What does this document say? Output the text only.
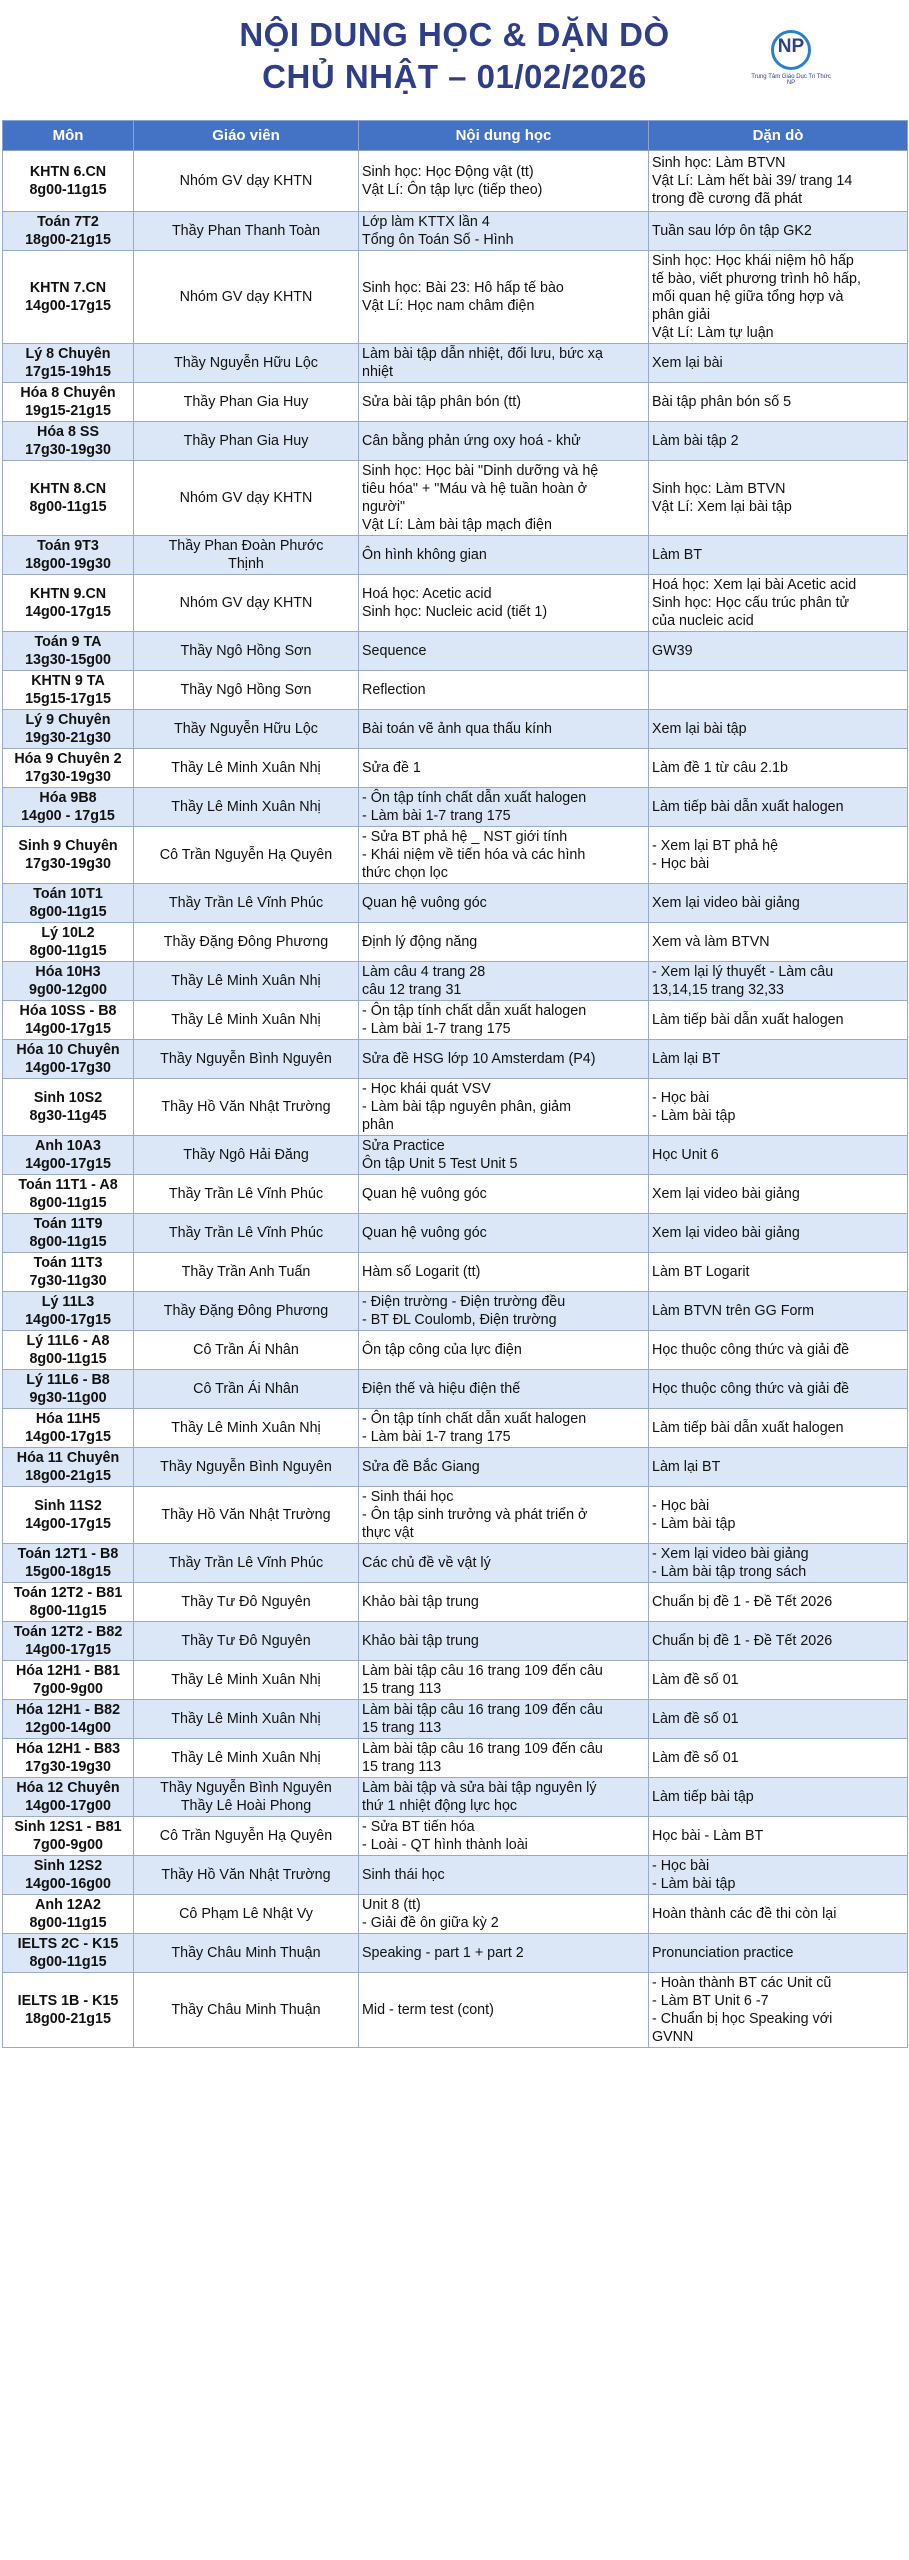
NỘI DUNG HỌC & DẶN DÒ
CHỦ NHẬT – 01/02/2026
NP
Trung Tâm Giáo Dục Tri Thức NP
Môn	Giáo viên	Nội dung học	Dặn dò

KHTN 6.CN
8g00-11g15	Nhóm GV dạy KHTN	Sinh học: Học Động vật (tt)
Vật Lí: Ôn tập lực (tiếp theo)	Sinh học: Làm BTVN
Vật Lí: Làm hết bài 39/ trang 14
trong đề cương đã phát

Toán 7T2
18g00-21g15	Thầy Phan Thanh Toàn	Lớp làm KTTX lần 4
Tổng ôn Toán Số - Hình	Tuần sau lớp ôn tập GK2

KHTN 7.CN
14g00-17g15	Nhóm GV dạy KHTN	Sinh học: Bài 23: Hô hấp tế bào
Vật Lí: Học nam châm điện	Sinh học: Học khái niệm hô hấp
tế bào, viết phương trình hô hấp,
mối quan hệ giữa tổng hợp và
phân giải
Vật Lí: Làm tự luận

Lý 8 Chuyên
17g15-19h15	Thầy Nguyễn Hữu Lộc	Làm bài tập dẫn nhiệt, đối lưu, bức xạ
nhiệt	Xem lại bài

Hóa 8 Chuyên
19g15-21g15	Thầy Phan Gia Huy	Sửa bài tập phân bón (tt)	Bài tập phân bón số 5

Hóa 8 SS
17g30-19g30	Thầy Phan Gia Huy	Cân bằng phản ứng oxy hoá - khử	Làm bài tập 2

KHTN 8.CN
8g00-11g15	Nhóm GV dạy KHTN	Sinh học: Học bài "Dinh dưỡng và hệ
tiêu hóa" + "Máu và hệ tuần hoàn ở
người"
Vật Lí: Làm bài tập mạch điện	Sinh học: Làm BTVN
Vật Lí: Xem lại bài tập

Toán 9T3
18g00-19g30	Thầy Phan Đoàn Phước
Thịnh	Ôn hình không gian	Làm BT

KHTN 9.CN
14g00-17g15	Nhóm GV dạy KHTN	Hoá học: Acetic acid
Sinh học: Nucleic acid (tiết 1)	Hoá học: Xem lại bài Acetic acid
Sinh học: Học cấu trúc phân tử
của nucleic acid

Toán 9 TA
13g30-15g00	Thầy Ngô Hồng Sơn	Sequence	GW39

KHTN 9 TA
15g15-17g15	Thầy Ngô Hồng Sơn	Reflection	

Lý 9 Chuyên
19g30-21g30	Thầy Nguyễn Hữu Lộc	Bài toán vẽ ảnh qua thấu kính	Xem lại bài tập

Hóa 9 Chuyên 2
17g30-19g30	Thầy Lê Minh Xuân Nhị	Sửa đề 1	Làm đề 1 từ câu 2.1b

Hóa 9B8
14g00 - 17g15	Thầy Lê Minh Xuân Nhị	- Ôn tập tính chất dẫn xuất halogen
- Làm bài 1-7 trang 175	Làm tiếp bài dẫn xuất halogen

Sinh 9 Chuyên
17g30-19g30	Cô Trần Nguyễn Hạ Quyên	- Sửa BT phả hệ _ NST giới tính
- Khái niệm về tiến hóa và các hình
thức chọn lọc	- Xem lại BT phả hệ
- Học bài

Toán 10T1
8g00-11g15	Thầy Trần Lê Vĩnh Phúc	Quan hệ vuông góc	Xem lại video bài giảng

Lý 10L2
8g00-11g15	Thầy Đặng Đông Phương	Định lý động năng	Xem và làm BTVN

Hóa 10H3
9g00-12g00	Thầy Lê Minh Xuân Nhị	Làm câu 4 trang 28
câu 12 trang 31	- Xem lại lý thuyết - Làm câu
13,14,15 trang 32,33

Hóa 10SS - B8
14g00-17g15	Thầy Lê Minh Xuân Nhị	- Ôn tập tính chất dẫn xuất halogen
- Làm bài 1-7 trang 175	Làm tiếp bài dẫn xuất halogen

Hóa 10 Chuyên
14g00-17g30	Thầy Nguyễn Bình Nguyên	Sửa đề HSG lớp 10 Amsterdam (P4)	Làm lại BT

Sinh 10S2
8g30-11g45	Thầy Hồ Văn Nhật Trường	- Học khái quát VSV
- Làm bài tập nguyên phân, giảm
phân	- Học bài
- Làm bài tập

Anh 10A3
14g00-17g15	Thầy Ngô Hải Đăng	Sửa Practice
Ôn tập Unit 5 Test Unit 5	Học Unit 6

Toán 11T1 - A8
8g00-11g15	Thầy Trần Lê Vĩnh Phúc	Quan hệ vuông góc	Xem lại video bài giảng

Toán 11T9
8g00-11g15	Thầy Trần Lê Vĩnh Phúc	Quan hệ vuông góc	Xem lại video bài giảng

Toán 11T3
7g30-11g30	Thầy Trần Anh Tuấn	Hàm số Logarit (tt)	Làm BT Logarit

Lý 11L3
14g00-17g15	Thầy Đặng Đông Phương	- Điện trường - Điện trường đều
- BT ĐL Coulomb, Điện trường	Làm BTVN trên GG Form

Lý 11L6 - A8
8g00-11g15	Cô Trần Ái Nhân	Ôn tập công của lực điện	Học thuộc công thức và giải đề

Lý 11L6 - B8
9g30-11g00	Cô Trần Ái Nhân	Điện thế và hiệu điện thế	Học thuộc công thức và giải đề

Hóa 11H5
14g00-17g15	Thầy Lê Minh Xuân Nhị	- Ôn tập tính chất dẫn xuất halogen
- Làm bài 1-7 trang 175	Làm tiếp bài dẫn xuất halogen

Hóa 11 Chuyên
18g00-21g15	Thầy Nguyễn Bình Nguyên	Sửa đề Bắc Giang	Làm lại BT

Sinh 11S2
14g00-17g15	Thầy Hồ Văn Nhật Trường	- Sinh thái học
- Ôn tập sinh trưởng và phát triển ở
thực vật	- Học bài
- Làm bài tập

Toán 12T1 - B8
15g00-18g15	Thầy Trần Lê Vĩnh Phúc	Các chủ đề về vật lý	- Xem lại video bài giảng
- Làm bài tập trong sách

Toán 12T2 - B81
8g00-11g15	Thầy Tư Đô Nguyên	Khảo bài tập trung	Chuẩn bị đề 1 - Đề Tết 2026

Toán 12T2 - B82
14g00-17g15	Thầy Tư Đô Nguyên	Khảo bài tập trung	Chuẩn bị đề 1 - Đề Tết 2026

Hóa 12H1 - B81
7g00-9g00	Thầy Lê Minh Xuân Nhị	Làm bài tập câu 16 trang 109 đến câu
15 trang 113	Làm đề số 01

Hóa 12H1 - B82
12g00-14g00	Thầy Lê Minh Xuân Nhị	Làm bài tập câu 16 trang 109 đến câu
15 trang 113	Làm đề số 01

Hóa 12H1 - B83
17g30-19g30	Thầy Lê Minh Xuân Nhị	Làm bài tập câu 16 trang 109 đến câu
15 trang 113	Làm đề số 01

Hóa 12 Chuyên
14g00-17g00	Thầy Nguyễn Bình Nguyên
Thầy Lê Hoài Phong	Làm bài tập và sửa bài tập nguyên lý
thứ 1 nhiệt động lực học	Làm tiếp bài tập

Sinh 12S1 - B81
7g00-9g00	Cô Trần Nguyễn Hạ Quyên	- Sửa BT tiến hóa
- Loài - QT hình thành loài	Học bài - Làm BT

Sinh 12S2
14g00-16g00	Thầy Hồ Văn Nhật Trường	Sinh thái học	- Học bài
- Làm bài tập

Anh 12A2
8g00-11g15	Cô Phạm Lê Nhật Vy	Unit 8 (tt)
- Giải đề ôn giữa kỳ 2	Hoàn thành các đề thi còn lại

IELTS 2C - K15
8g00-11g15	Thầy Châu Minh Thuận	Speaking - part 1 + part 2	Pronunciation practice

IELTS 1B - K15
18g00-21g15	Thầy Châu Minh Thuận	Mid - term test (cont)	- Hoàn thành BT các Unit cũ
- Làm BT Unit 6 -7
- Chuẩn bị học Speaking với
GVNN
